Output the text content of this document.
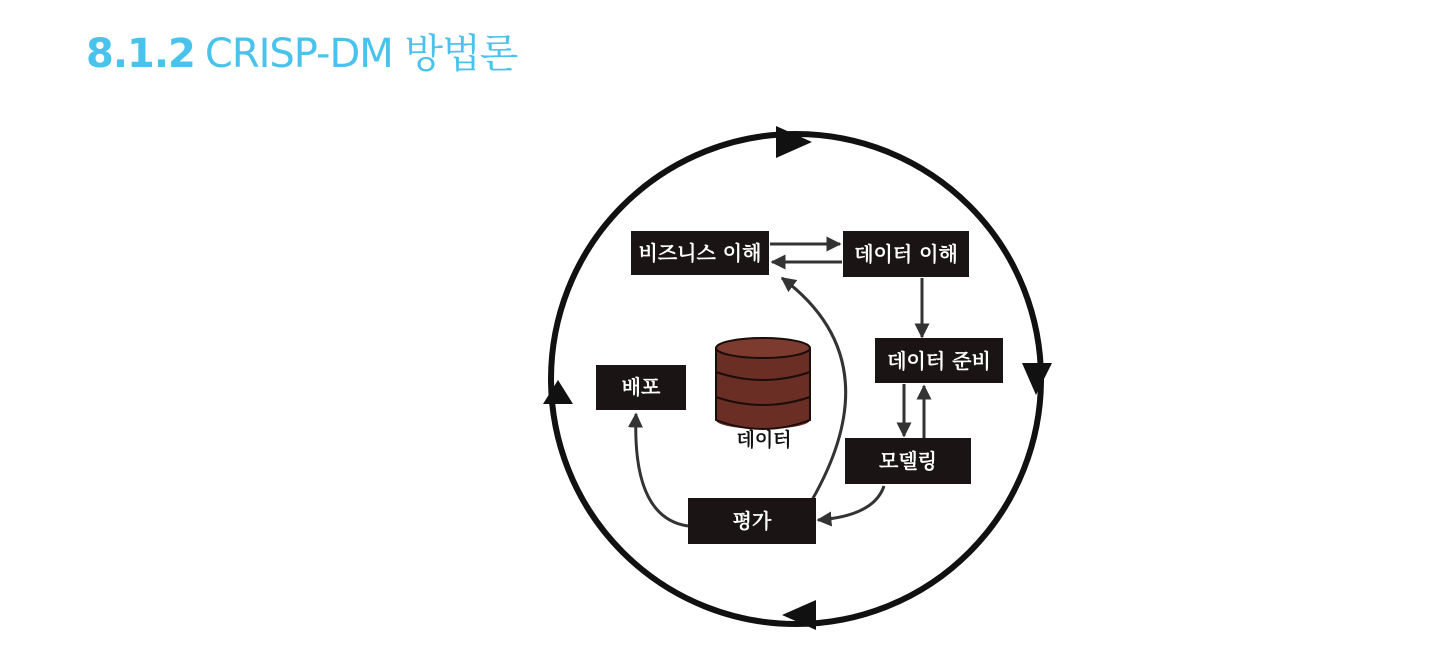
8.1.2 CRISP-DM 방법론
비즈니스 이해	데이터 이해
데이터 준비
모델링
평가
배포
데이터
